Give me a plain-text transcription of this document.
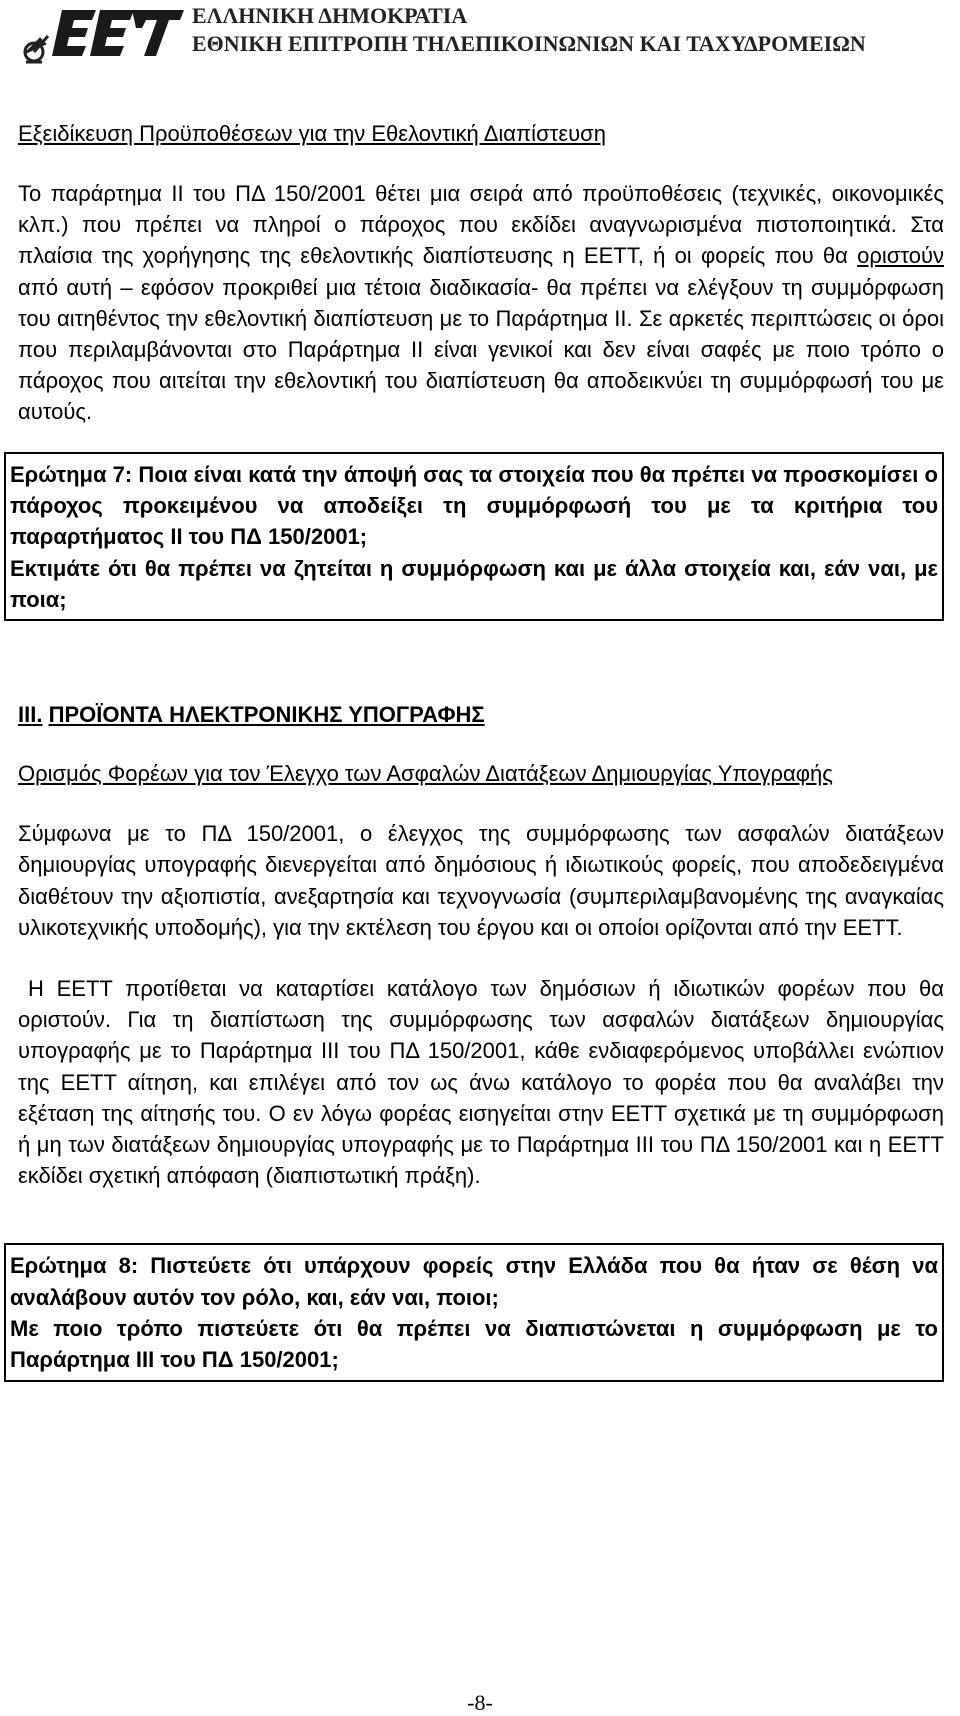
ΕΛΛΗΝΙΚΗ ΔΗΜΟΚΡΑΤΙΑ
ΕΘΝΙΚΗ ΕΠΙΤΡΟΠΗ ΤΗΛΕΠΙΚΟΙΝΩΝΙΩΝ ΚΑΙ ΤΑΧΥΔΡΟΜΕΙΩΝ

Εξειδίκευση Προϋποθέσεων για την Εθελοντική Διαπίστευση

Το παράρτημα ΙΙ του ΠΔ 150/2001 θέτει μια σειρά από προϋποθέσεις (τεχνικές, οικονομικές κλπ.) που πρέπει να πληροί ο πάροχος που εκδίδει αναγνωρισμένα πιστοποιητικά. Στα πλαίσια της χορήγησης της εθελοντικής διαπίστευσης η ΕΕΤΤ, ή οι φορείς που θα οριστούν από αυτή – εφόσον προκριθεί μια τέτοια διαδικασία- θα πρέπει να ελέγξουν τη συμμόρφωση του αιτηθέντος την εθελοντική διαπίστευση με το Παράρτημα ΙΙ. Σε αρκετές περιπτώσεις οι όροι που περιλαμβάνονται στο Παράρτημα ΙΙ είναι γενικοί και δεν είναι σαφές με ποιο τρόπο ο πάροχος που αιτείται την εθελοντική του διαπίστευση θα αποδεικνύει τη συμμόρφωσή του με αυτούς.

Ερώτημα 7: Ποια είναι κατά την άποψή σας τα στοιχεία που θα πρέπει να προσκομίσει ο πάροχος προκειμένου να αποδείξει τη συμμόρφωσή του με τα κριτήρια του παραρτήματος ΙΙ του ΠΔ 150/2001;

Εκτιμάτε ότι θα πρέπει να ζητείται η συμμόρφωση και με άλλα στοιχεία και, εάν ναι, με ποια;

ΙΙΙ. ΠΡΟΪΟΝΤΑ ΗΛΕΚΤΡΟΝΙΚΗΣ ΥΠΟΓΡΑΦΗΣ

Ορισμός Φορέων για τον Έλεγχο των Ασφαλών Διατάξεων Δημιουργίας Υπογραφής

Σύμφωνα με το ΠΔ 150/2001, ο έλεγχος της συμμόρφωσης των ασφαλών διατάξεων δημιουργίας υπογραφής διενεργείται από δημόσιους ή ιδιωτικούς φορείς, που αποδεδειγμένα διαθέτουν την αξιοπιστία, ανεξαρτησία και τεχνογνωσία (συμπεριλαμβανομένης της αναγκαίας υλικοτεχνικής υποδομής), για την εκτέλεση του έργου και οι οποίοι ορίζονται από την ΕΕΤΤ.

Η ΕΕΤΤ προτίθεται να καταρτίσει κατάλογο των δημόσιων ή ιδιωτικών φορέων που θα οριστούν. Για τη διαπίστωση της συμμόρφωσης των ασφαλών διατάξεων δημιουργίας υπογραφής με το Παράρτημα ΙΙΙ του ΠΔ 150/2001, κάθε ενδιαφερόμενος υποβάλλει ενώπιον της ΕΕΤΤ αίτηση, και επιλέγει από τον ως άνω κατάλογο το φορέα που θα αναλάβει την εξέταση της αίτησής του. Ο εν λόγω φορέας εισηγείται στην ΕΕΤΤ σχετικά με τη συμμόρφωση ή μη των διατάξεων δημιουργίας υπογραφής με το Παράρτημα ΙΙΙ του ΠΔ 150/2001 και η ΕΕΤΤ εκδίδει σχετική απόφαση (διαπιστωτική πράξη).

Ερώτημα 8: Πιστεύετε ότι υπάρχουν φορείς στην Ελλάδα που θα ήταν σε θέση να αναλάβουν αυτόν τον ρόλο, και, εάν ναι, ποιοι;

Με ποιο τρόπο πιστεύετε ότι θα πρέπει να διαπιστώνεται η συμμόρφωση με το Παράρτημα ΙΙΙ του ΠΔ 150/2001;

-8-
